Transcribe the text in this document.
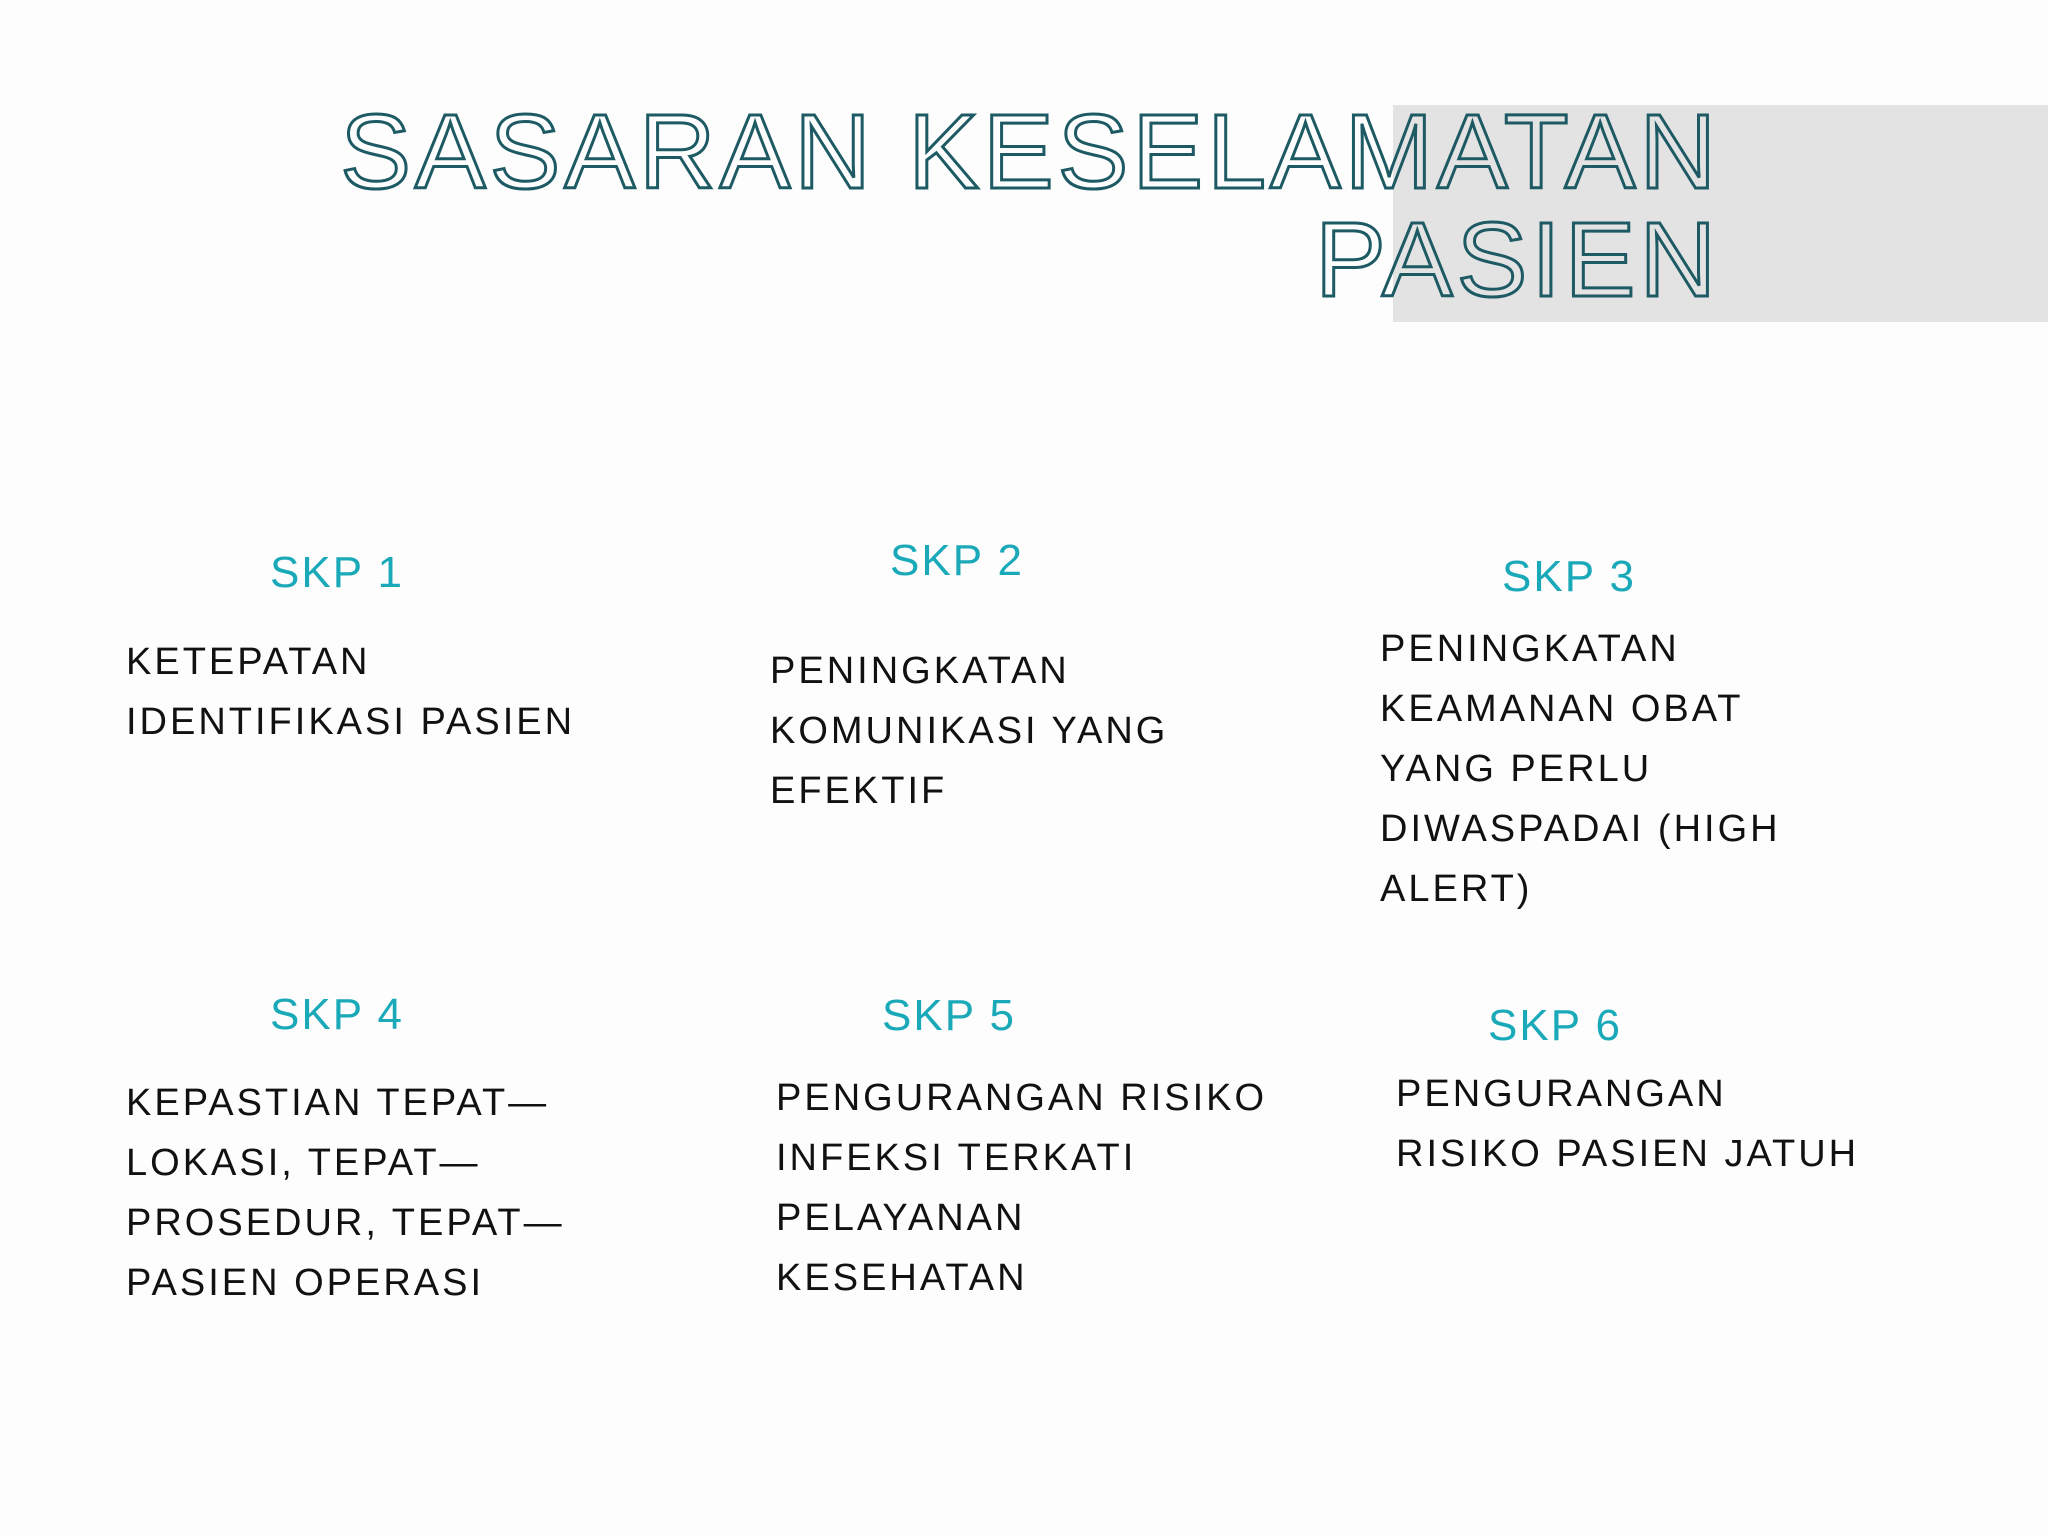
SASARAN KESELAMATAN
PASIEN
SKP 1
KETEPATAN
IDENTIFIKASI PASIEN
SKP 2
PENINGKATAN
KOMUNIKASI YANG
EFEKTIF
SKP 3
PENINGKATAN
KEAMANAN OBAT
YANG PERLU
DIWASPADAI (HIGH
ALERT)
SKP 4
KEPASTIAN TEPAT—
LOKASI, TEPAT—
PROSEDUR, TEPAT—
PASIEN OPERASI
SKP 5
PENGURANGAN RISIKO
INFEKSI TERKATI
PELAYANAN
KESEHATAN
SKP 6
PENGURANGAN
RISIKO PASIEN JATUH
